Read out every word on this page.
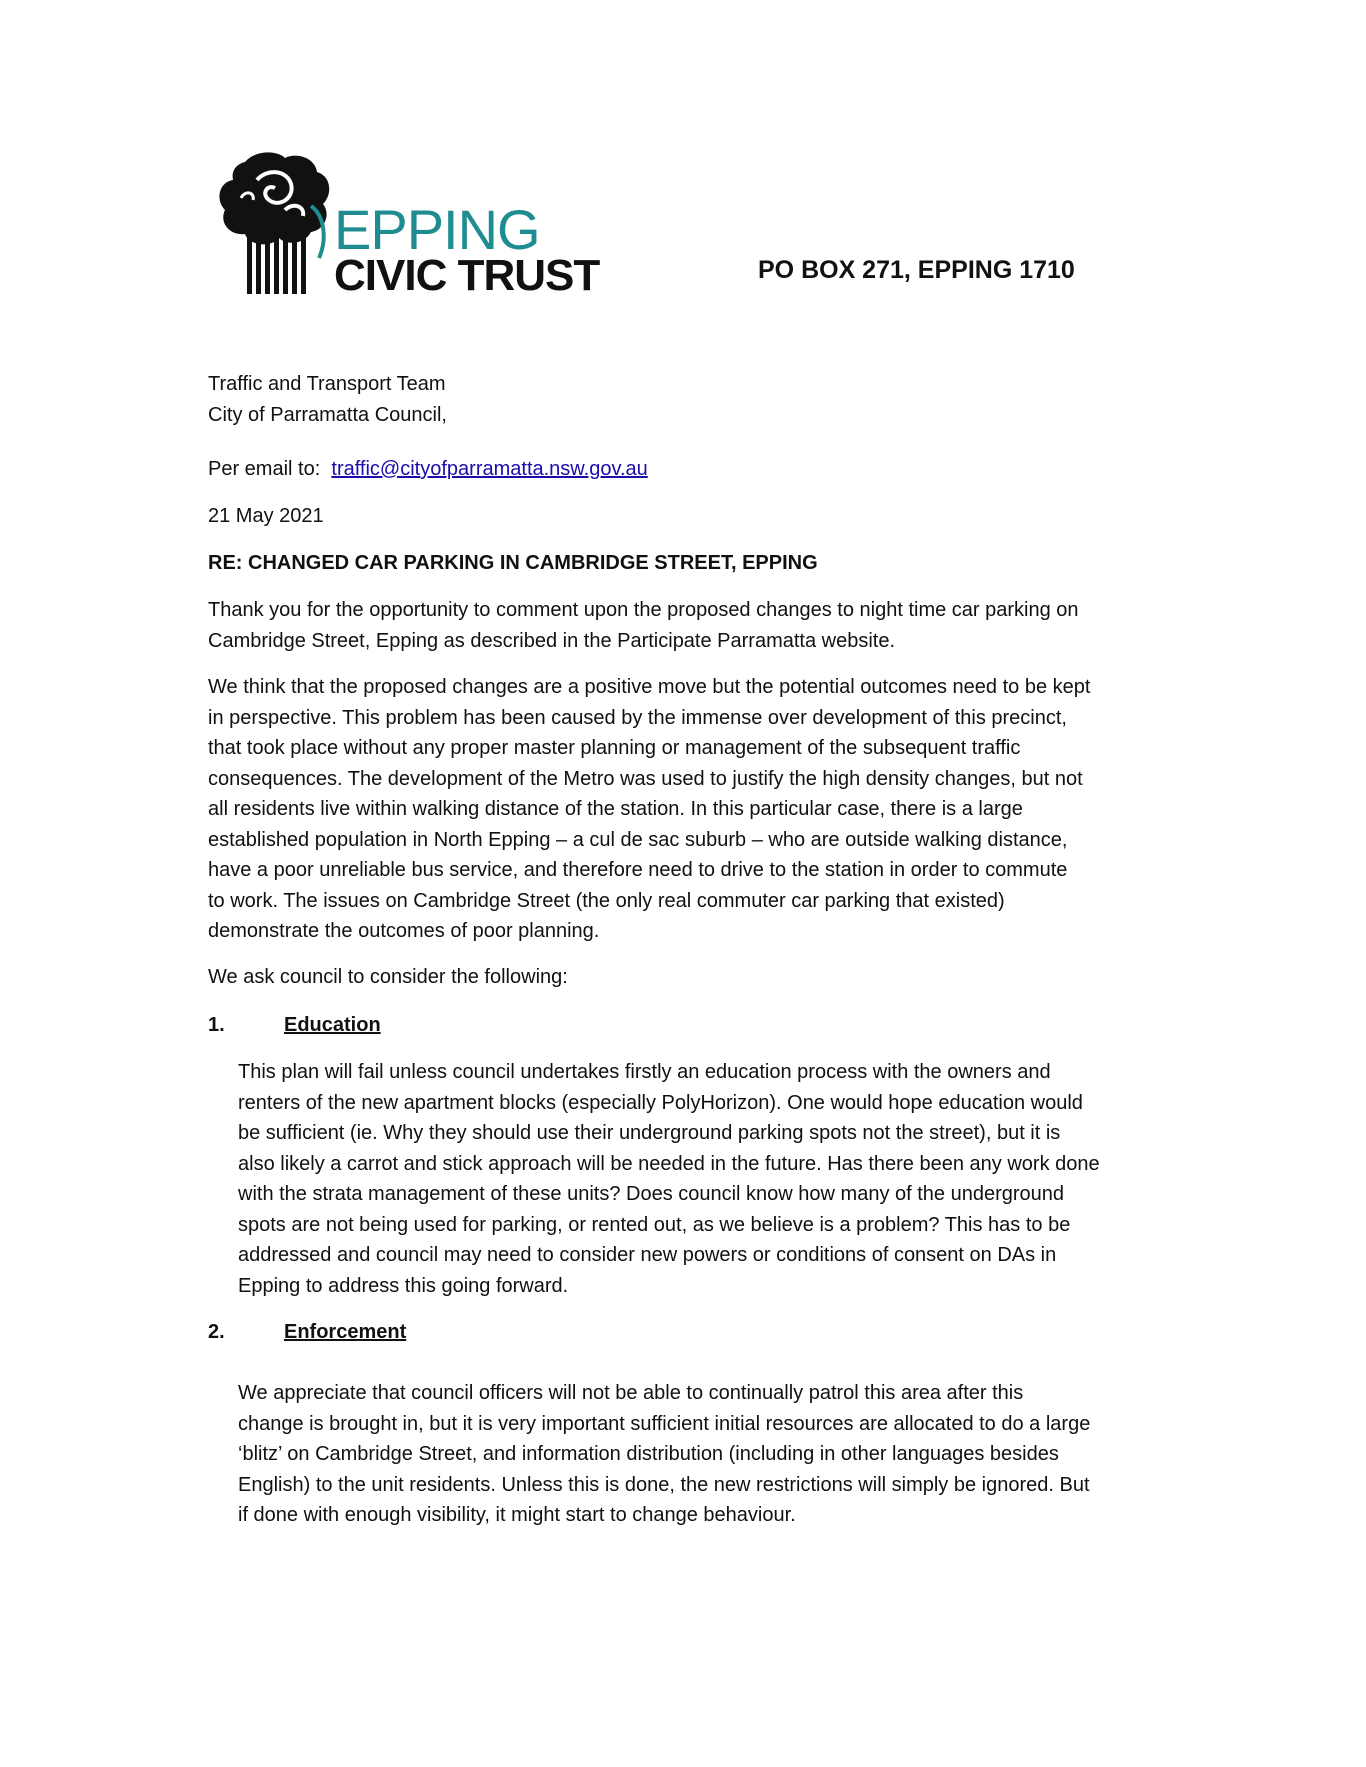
EPPING
CIVIC TRUST	PO BOX 271, EPPING 1710
Traffic and Transport Team
City of Parramatta Council,
Per email to: traffic@cityofparramatta.nsw.gov.au
21 May 2021
RE: CHANGED CAR PARKING IN CAMBRIDGE STREET, EPPING
Thank you for the opportunity to comment upon the proposed changes to night time car parking on
Cambridge Street, Epping as described in the Participate Parramatta website.
We think that the proposed changes are a positive move but the potential outcomes need to be kept
in perspective. This problem has been caused by the immense over development of this precinct,
that took place without any proper master planning or management of the subsequent traffic
consequences. The development of the Metro was used to justify the high density changes, but not
all residents live within walking distance of the station. In this particular case, there is a large
established population in North Epping – a cul de sac suburb – who are outside walking distance,
have a poor unreliable bus service, and therefore need to drive to the station in order to commute
to work. The issues on Cambridge Street (the only real commuter car parking that existed)
demonstrate the outcomes of poor planning.
We ask council to consider the following:
1.	Education
This plan will fail unless council undertakes firstly an education process with the owners and
renters of the new apartment blocks (especially PolyHorizon). One would hope education would
be sufficient (ie. Why they should use their underground parking spots not the street), but it is
also likely a carrot and stick approach will be needed in the future. Has there been any work done
with the strata management of these units? Does council know how many of the underground
spots are not being used for parking, or rented out, as we believe is a problem? This has to be
addressed and council may need to consider new powers or conditions of consent on DAs in
Epping to address this going forward.
2.	Enforcement
We appreciate that council officers will not be able to continually patrol this area after this
change is brought in, but it is very important sufficient initial resources are allocated to do a large
‘blitz’ on Cambridge Street, and information distribution (including in other languages besides
English) to the unit residents. Unless this is done, the new restrictions will simply be ignored. But
if done with enough visibility, it might start to change behaviour.
